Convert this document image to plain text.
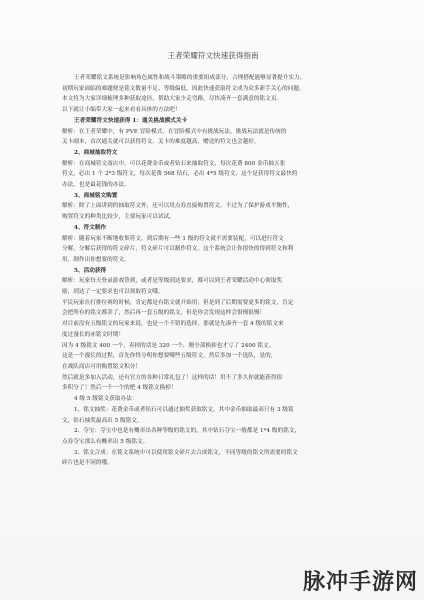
王者荣耀符文快速获得指南
王者荣耀铭文系统是影响角色属性和战斗策略的重要组成部分，合理搭配能够显著提升实力。
初期玩家面临的难题便是铭文数量不足、等级偏低，因此快速获取符文成为众多新手关心的问题。
本文将为大家详细梳理多种获取途径，帮助大家少走弯路，尽快凑齐一套满意的铭文页。
以下就让小编带大家一起来看看具体的方法吧！
王者荣耀符文快速获得 1：通关挑战模式关卡
解析：在王者荣耀中，有 PVE 冒险模式，在冒险模式中有挑战玩法，挑战玩法就是传统的
关卡副本，首次通关就可以获得符文，关卡的难度越高，赠送的符文也会越好。
2、商城抽取符文
解析：在商城符文商店中，可以花费金币或者钻石来抽取符文，每次花费 800 金币抽五张
符文，必出 1 个 2*3 级符文，每次花费 568 钻石，必出 4*5 级符文，这个是获得符文最快的
办法，也是最花钱的办法。
3、商城铭文购置
解析：除了上面讲到的抽取符文外，还可以用点券直接购置符文，不过为了保护游戏平衡性，
购置符文的种类比较少，主要玩家可以试试。
4、符文制作
解析：随着玩家不断地收集符文，到后期有一些 1 级的符文就不需要装配，可以进行符文
分解，分解后获得的符文碎片，符文碎片可以制作符文。这个系统会让你很快的得到符文和利
用，制作出你想要的符文。
5、活动获得
解析：玩家每天登录游戏签到，或者是等级到达要求，都可以到王者荣耀活动中心领取奖
励，到达了一定要求也可以领取符文哦。
平民玩家在打排位赛的时候，肯定都是有铭文就开始用，但是到了后期需要更多的铭文，肯定
会把所有的铭文都卖了，然后再一套五级的铭文，但是你会发现这样会很慢很慢！
对目前没有五级铭文的玩家来说，也是一个不错的选择，那就是先凑齐一套 4 级的铭文来
度过漫长的赤铭文时期！
因为 4 级铭文 400 一个，卖掉的话是 320 一个，刚全部换掉也才亏了 2400 铭文。
这是一个漫长的过程，首先你得分明你想要哪些五级符文，然后多加一个选队，是的，
在战队商店可用购置铭文积分！
然后就是多加入活动，还有官方的各种日常礼包了！这样的话！用不了多久你就能获得很
多积分了！然后一个一个的把 4 级铭文换掉！
4 级 5 级铭文获取办法：
1、铭文抽奖：花费金币或者钻石可以通过抽奖获取铭文，其中金币抽取最高只有 3 级铭
文，钻石抽奖最高出 5 级铭文。
2、夺宝：夺宝中也是有概率出各种等级的铭文的，其中钻石夺宝一般都是 1*4 级的铭文，
点券夺宝那么有概率出 5 级铭文。
3、铭文合成：在铭文系统中可以使用铭文碎片去合成铭文，不同等级的铭文所需要的铭文
碎片也是不同的哦。
脉冲手游网
